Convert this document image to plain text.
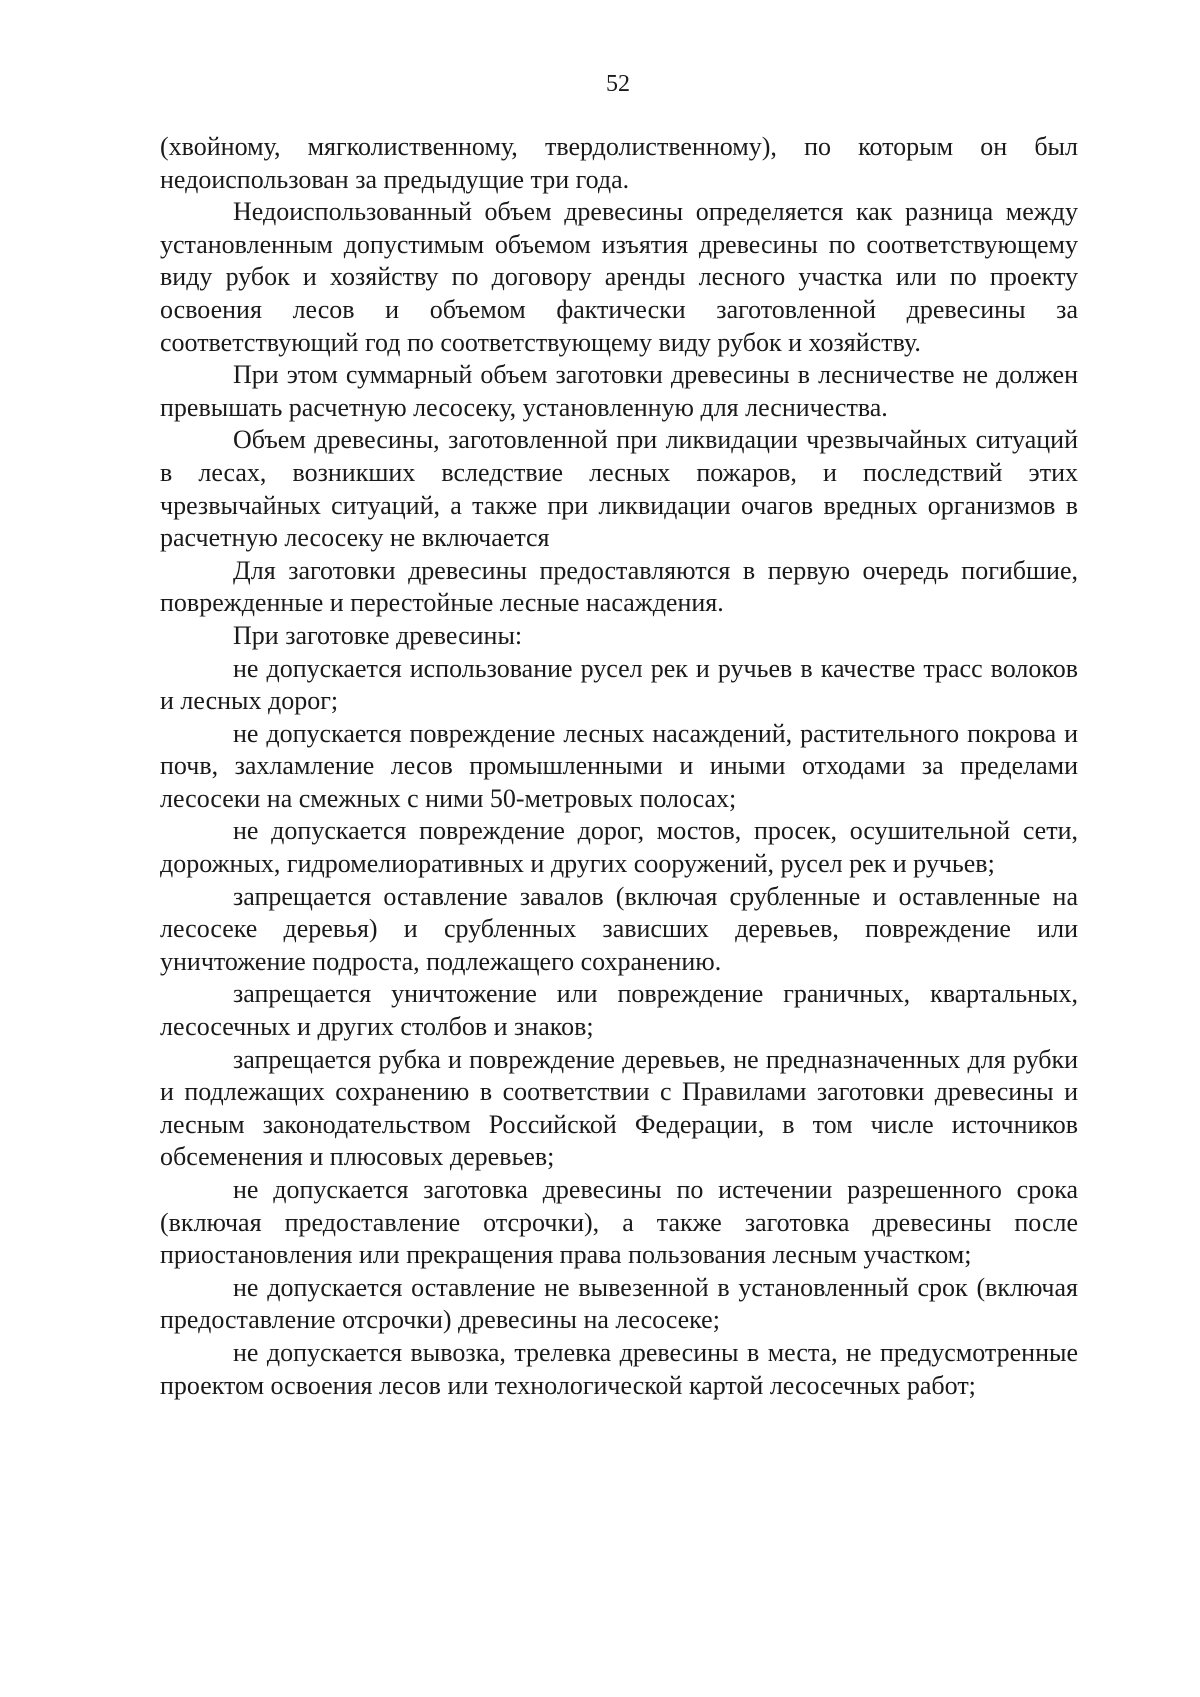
52

(хвойному, мягколиственному, твердолиственному), по которым он был недоиспользован за предыдущие три года.

Недоиспользованный объем древесины определяется как разница между установленным допустимым объемом изъятия древесины по соответствующему виду рубок и хозяйству по договору аренды лесного участка или по проекту освоения лесов и объемом фактически заготовленной древесины за соответствующий год по соответствующему виду рубок и хозяйству.

При этом суммарный объем заготовки древесины в лесничестве не должен превышать расчетную лесосеку, установленную для лесничества.

Объем древесины, заготовленной при ликвидации чрезвычайных ситуаций в лесах, возникших вследствие лесных пожаров, и последствий этих чрезвычайных ситуаций, а также при ликвидации очагов вредных организмов в расчетную лесосеку не включается

Для заготовки древесины предоставляются в первую очередь погибшие, поврежденные и перестойные лесные насаждения.

При заготовке древесины:

не допускается использование русел рек и ручьев в качестве трасс волоков и лесных дорог;

не допускается повреждение лесных насаждений, растительного покрова и почв, захламление лесов промышленными и иными отходами за пределами лесосеки на смежных с ними 50-метровых полосах;

не допускается повреждение дорог, мостов, просек, осушительной сети, дорожных, гидромелиоративных и других сооружений, русел рек и ручьев;

запрещается оставление завалов (включая срубленные и оставленные на лесосеке деревья) и срубленных зависших деревьев, повреждение или уничтожение подроста, подлежащего сохранению.

запрещается уничтожение или повреждение граничных, квартальных, лесосечных и других столбов и знаков;

запрещается рубка и повреждение деревьев, не предназначенных для рубки и подлежащих сохранению в соответствии с Правилами заготовки древесины и лесным законодательством Российской Федерации, в том числе источников обсеменения и плюсовых деревьев;

не допускается заготовка древесины по истечении разрешенного срока (включая предоставление отсрочки), а также заготовка древесины после приостановления или прекращения права пользования лесным участком;

не допускается оставление не вывезенной в установленный срок (включая предоставление отсрочки) древесины на лесосеке;

не допускается вывозка, трелевка древесины в места, не предусмотренные проектом освоения лесов или технологической картой лесосечных работ;
